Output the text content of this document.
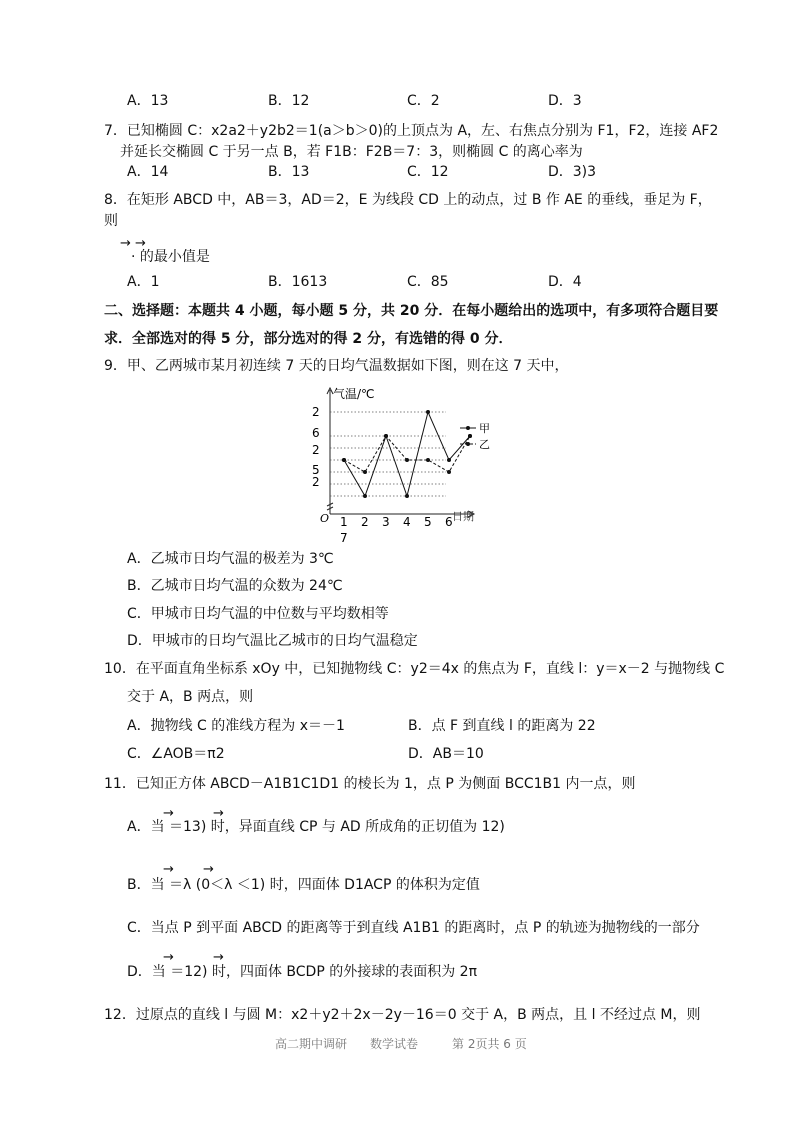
A．13	B．12	C．2	D．3
7．已知椭圆 C：x2a2＋y2b2＝1(a＞b＞0)的上顶点为 A，左、右焦点分别为 F1，F2，连接 AF2
并延长交椭圆 C 于另一点 B，若 F1B：F2B＝7：3，则椭圆 C 的离心率为
A．14	B．13	C．12	D．3)3
8．在矩形 ABCD 中，AB＝3，AD＝2，E 为线段 CD 上的动点，过 B 作 AE 的垂线，垂足为 F，
则
→ →
· 的最小值是
A．1	B．1613	C．85	D．4
二、选择题：本题共 4 小题，每小题 5 分，共 20 分．在每小题给出的选项中，有多项符合题目要
求．全部选对的得 5 分，部分选对的得 2 分，有选错的得 0 分．
9．甲、乙两城市某月初连续 7 天的日均气温数据如下图，则在这 7 天中，
气温/℃
日期
O
2
6
2
5
2
1 2 3 4 5 6
7
甲
乙
A．乙城市日均气温的极差为 3℃
B．乙城市日均气温的众数为 24℃
C．甲城市日均气温的中位数与平均数相等
D．甲城市的日均气温比乙城市的日均气温稳定
10．在平面直角坐标系 xOy 中，已知抛物线 C：y2＝4x 的焦点为 F，直线 l：y＝x－2 与抛物线 C
交于 A，B 两点，则
A．抛物线 C 的准线方程为 x＝－1	B．点 F 到直线 l 的距离为 22
C．∠AOB＝π2	D．AB＝10
11．已知正方体 ABCD－A1B1C1D1 的棱长为 1，点 P 为侧面 BCC1B1 内一点，则
→	→
A．当 ＝13) 时，异面直线 CP 与 AD 所成角的正切值为 12)
→ →
B．当 ＝λ (0＜λ ＜1) 时，四面体 D1ACP 的体积为定值
C．当点 P 到平面 ABCD 的距离等于到直线 A1B1 的距离时，点 P 的轨迹为抛物线的一部分
→	→
D．当 ＝12) 时，四面体 BCDP 的外接球的表面积为 2π
12．过原点的直线 l 与圆 M：x2＋y2＋2x－2y－16＝0 交于 A，B 两点，且 l 不经过点 M，则
高二期中调研 数学试卷	第 2页共 6 页
